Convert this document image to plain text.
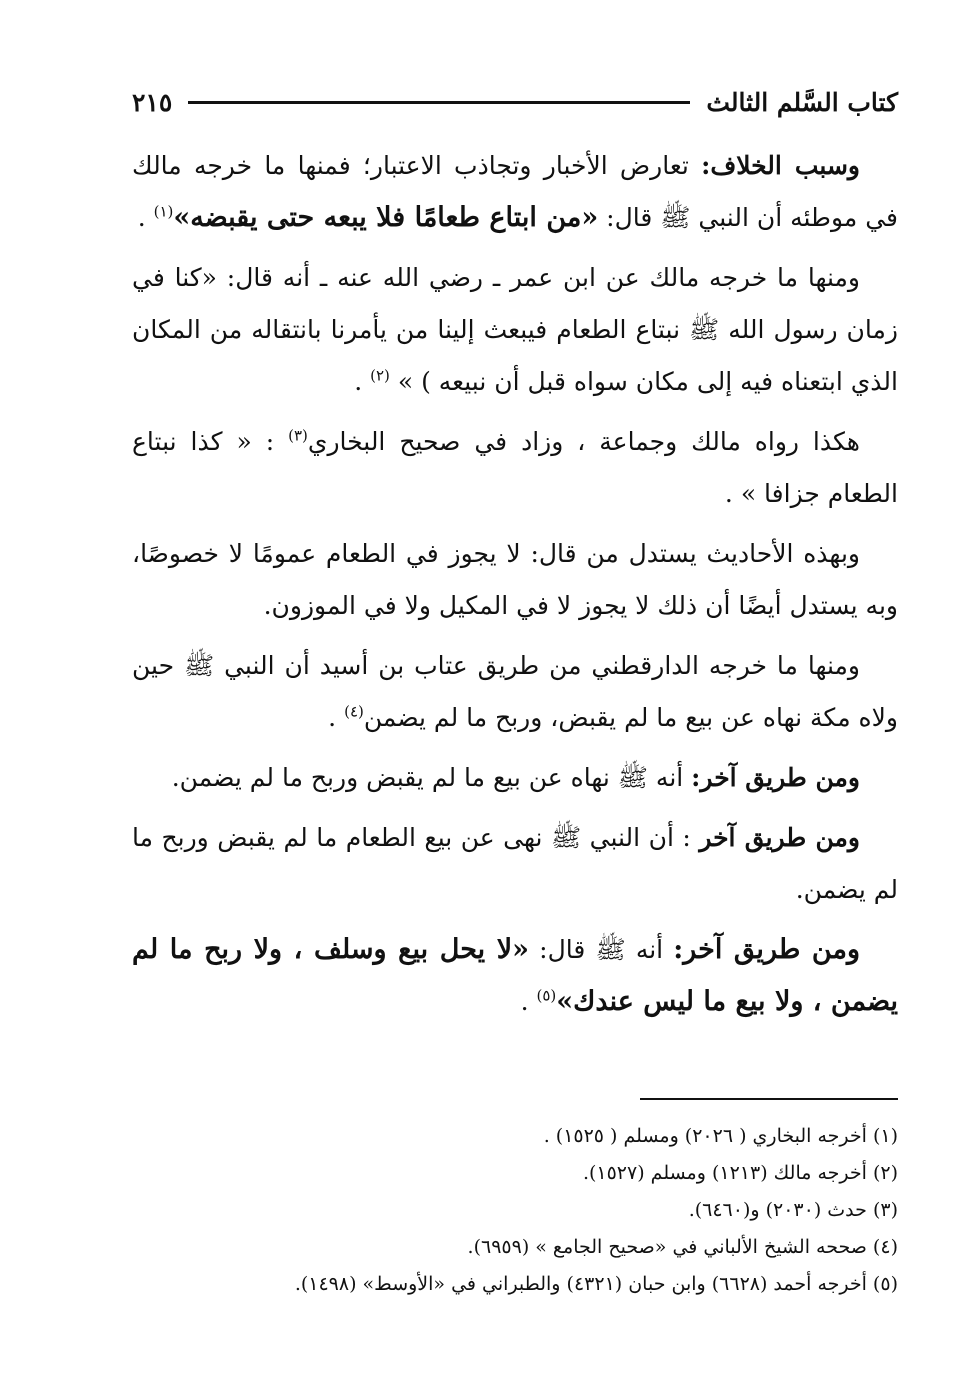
كتاب السَّلم الثالث
٢١٥

وسبب الخلاف: تعارض الأخبار وتجاذب الاعتبار؛ فمنها ما خرجه مالك في موطئه أن النبي ﷺ قال: «من ابتاع طعامًا فلا يبعه حتى يقبضه»$^{(١)}$ .

ومنها ما خرجه مالك عن ابن عمر ـ رضي الله عنه ـ أنه قال: «كنا في زمان رسول الله ﷺ نبتاع الطعام فيبعث إلينا من يأمرنا بانتقاله من المكان الذي ابتعناه فيه إلى مكان سواه قبل أن نبيعه ) » $^{(٢)}$ .

هكذا رواه مالك وجماعة ، وزاد في صحيح البخاري$^{(٣)}$ : « كذا نبتاع الطعام جزافا » .

وبهذه الأحاديث يستدل من قال: لا يجوز في الطعام عمومًا لا خصوصًا، وبه يستدل أيضًا أن ذلك لا يجوز لا في المكيل ولا في الموزون.

ومنها ما خرجه الدارقطني من طريق عتاب بن أسيد أن النبي ﷺ حين ولاه مكة نهاه عن بيع ما لم يقبض، وربح ما لم يضمن$^{(٤)}$ .

ومن طريق آخر: أنه ﷺ نهاه عن بيع ما لم يقبض وربح ما لم يضمن.

ومن طريق آخر : أن النبي ﷺ نهى عن بيع الطعام ما لم يقبض وربح ما لم يضمن.

ومن طريق آخر: أنه ﷺ قال: «لا يحل بيع وسلف ، ولا ربح ما لم يضمن ، ولا بيع ما ليس عندك»$^{(٥)}$ .

(١) أخرجه البخاري ( ٢٠٢٦) ومسلم ( ١٥٢٥) .
(٢) أخرجه مالك (١٢١٣) ومسلم (١٥٢٧).
(٣) حدث (٢٠٣٠) و(٦٤٦٠).
(٤) صححه الشيخ الألباني في «صحيح الجامع » (٦٩٥٩).
(٥) أخرجه أحمد (٦٦٢٨) وابن حبان (٤٣٢١) والطبراني في «الأوسط» (١٤٩٨).
